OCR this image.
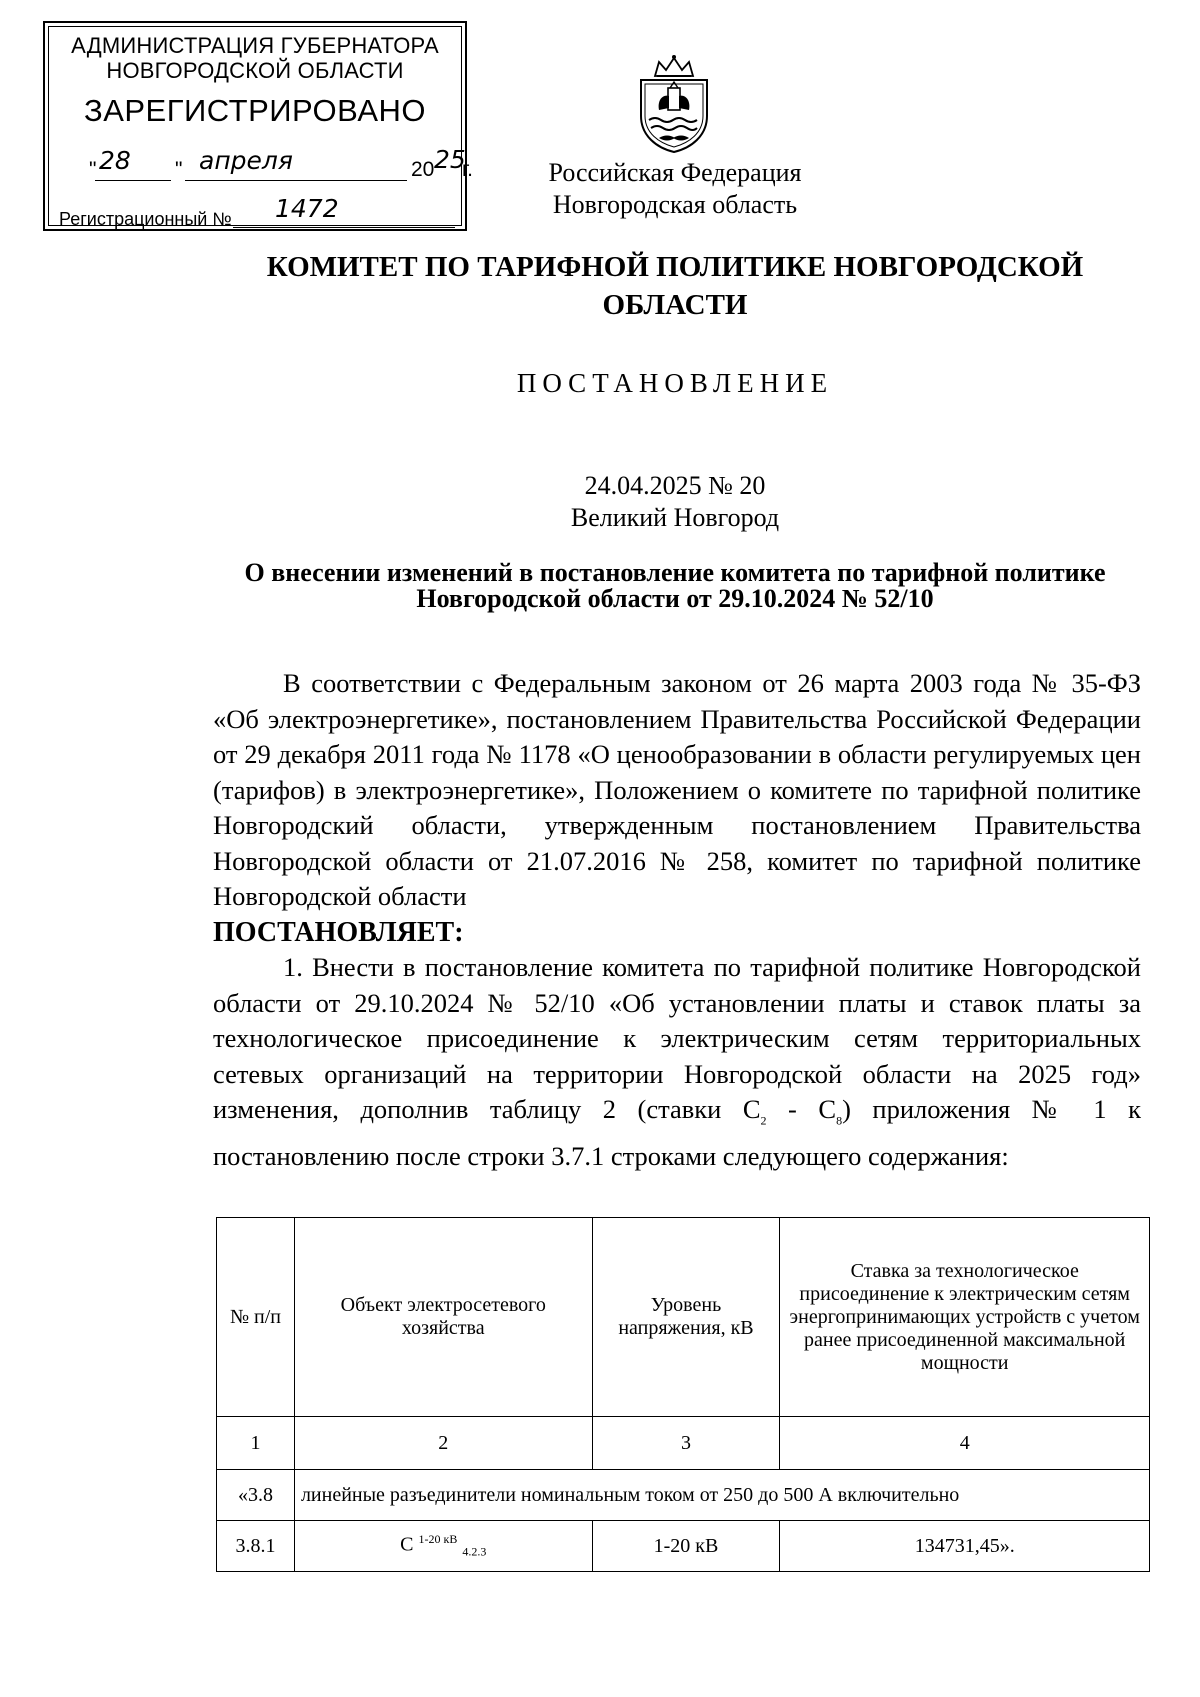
АДМИНИСТРАЦИЯ ГУБЕРНАТОРА
НОВГОРОДСКОЙ ОБЛАСТИ
ЗАРЕГИСТРИРОВАНО
" 28 " апреля	20 25
г.
Регистрационный № 1472
Российская Федерация
Новгородская область
КОМИТЕТ ПО ТАРИФНОЙ ПОЛИТИКЕ НОВГОРОДСКОЙ
ОБЛАСТИ
ПОСТАНОВЛЕНИЕ
24.04.2025 № 20
Великий Новгород
О внесении изменений в постановление комитета по тарифной политике
Новгородской области от 29.10.2024 № 52/10

В соответствии с Федеральным законом от 26 марта 2003 года № 35-ФЗ «Об электроэнергетике», постановлением Правительства Российской Федерации от 29 декабря 2011 года № 1178 «О ценообразовании в области регулируемых цен (тарифов) в электроэнергетике», Положением о комитете по тарифной политике Новгородский области, утвержденным постановлением Правительства Новгородской области от 21.07.2016 № 258, комитет по тарифной политике Новгородской области

ПОСТАНОВЛЯЕТ:

1. Внести в постановление комитета по тарифной политике Новгородской области от 29.10.2024 № 52/10 «Об установлении платы и ставок платы за технологическое присоединение к электрическим сетям территориальных сетевых организаций на территории Новгородской области на 2025 год» изменения, дополнив таблицу 2 (ставки $С_2 - С_8$) приложения № 1 к постановлению после строки 3.7.1 строками следующего содержания:

№ п/п	Объект электросетевого хозяйства	Уровень напряжения, кВ	Ставка за технологическое присоединение к электрическим сетям энергопринимающих устройств с учетом ранее присоединенной максимальной мощности
1	2	3	4
«3.8	линейные разъединители номинальным током от 250 до 500 А включительно		
3.8.1	С $^{1-20 кВ}$ $_{4.2.3}$	1-20 кВ	134731,45».
